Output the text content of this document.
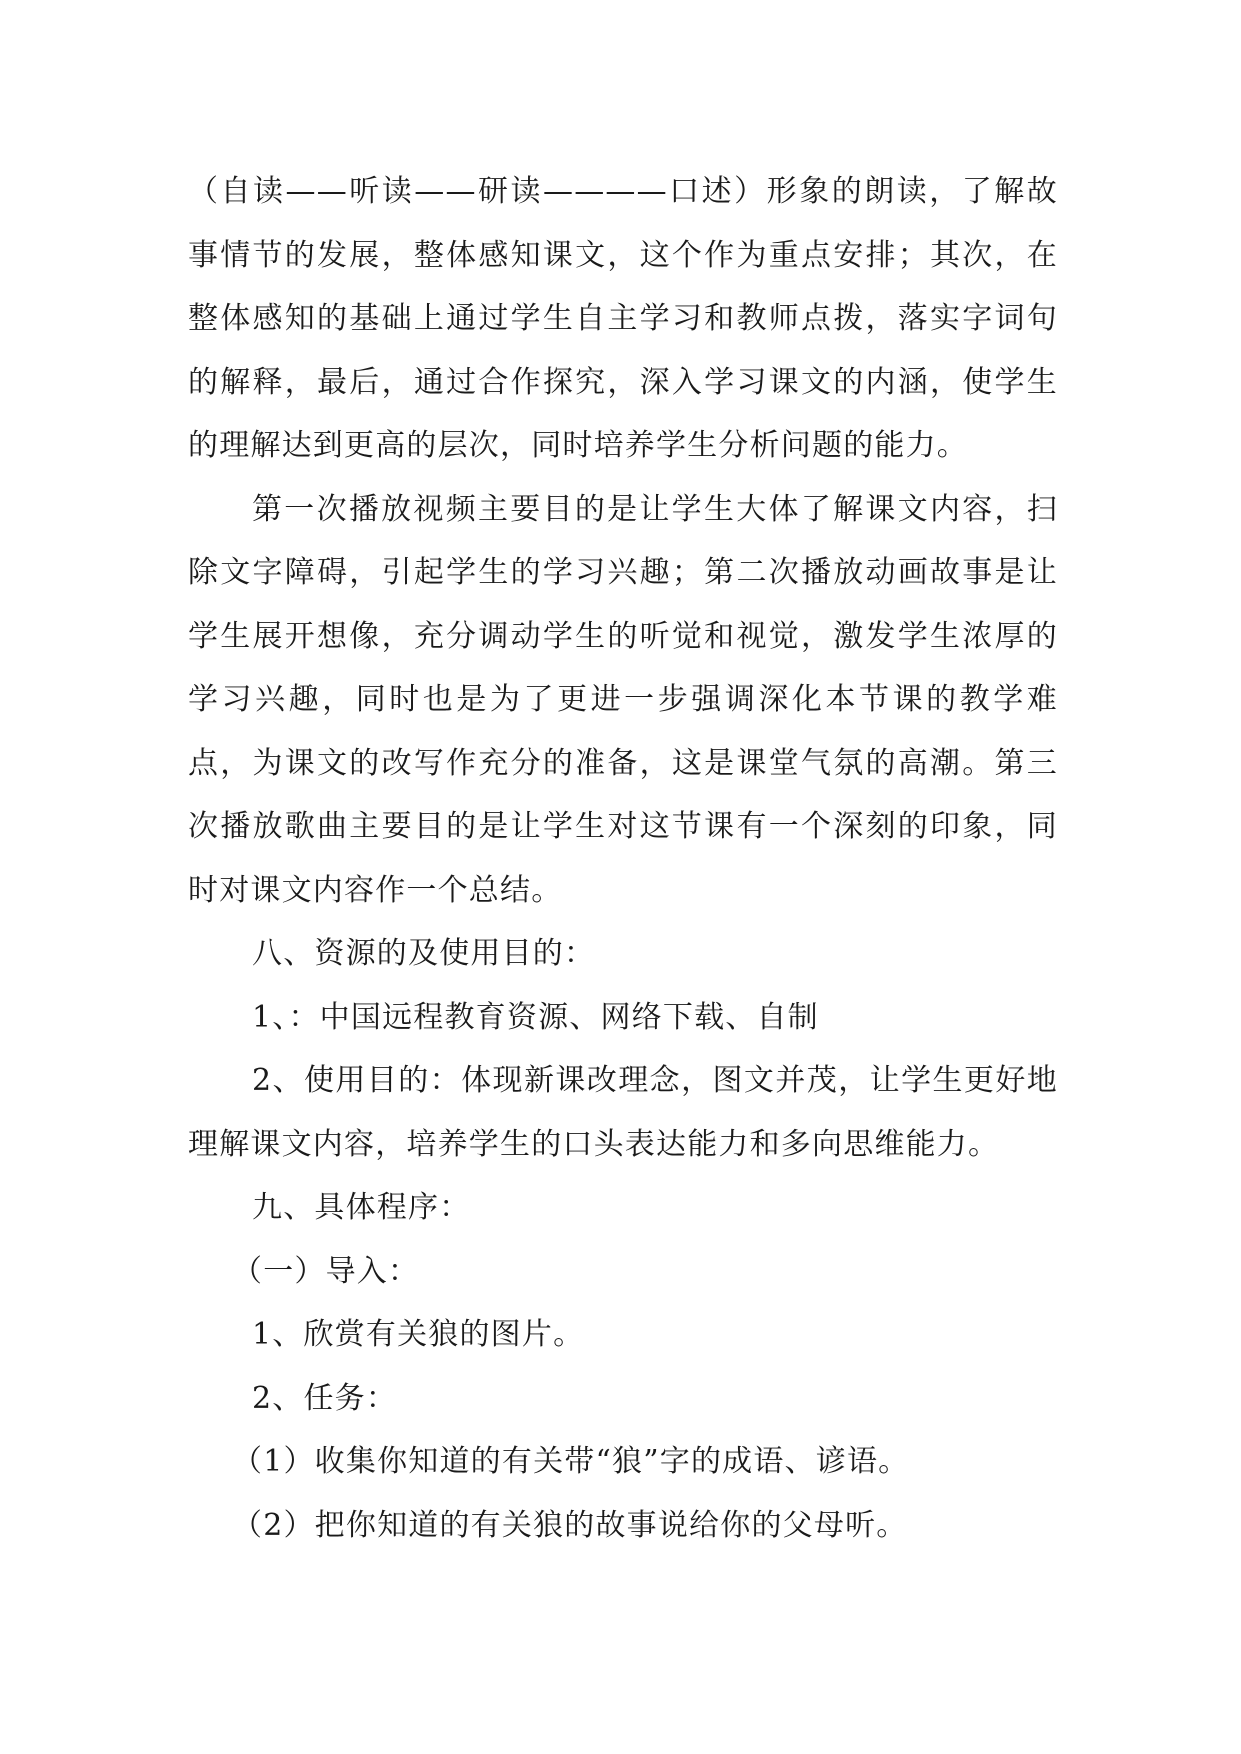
（自读——听读——研读————口述）形象的朗读，了解故事情节的发展，整体感知课文，这个作为重点安排；其次，在整体感知的基础上通过学生自主学习和教师点拨，落实字词句的解释，最后，通过合作探究，深入学习课文的内涵，使学生的理解达到更高的层次，同时培养学生分析问题的能力。

第一次播放视频主要目的是让学生大体了解课文内容，扫除文字障碍，引起学生的学习兴趣；第二次播放动画故事是让学生展开想像，充分调动学生的听觉和视觉，激发学生浓厚的学习兴趣，同时也是为了更进一步强调深化本节课的教学难点，为课文的改写作充分的准备，这是课堂气氛的高潮。第三次播放歌曲主要目的是让学生对这节课有一个深刻的印象，同时对课文内容作一个总结。

八、资源的及使用目的：

1、：中国远程教育资源、网络下载、自制

2、使用目的：体现新课改理念，图文并茂，让学生更好地理解课文内容，培养学生的口头表达能力和多向思维能力。

九、具体程序：

（一）导入：

1、欣赏有关狼的图片。

2、任务：

（1）收集你知道的有关带“狼”字的成语、谚语。

（2）把你知道的有关狼的故事说给你的父母听。
